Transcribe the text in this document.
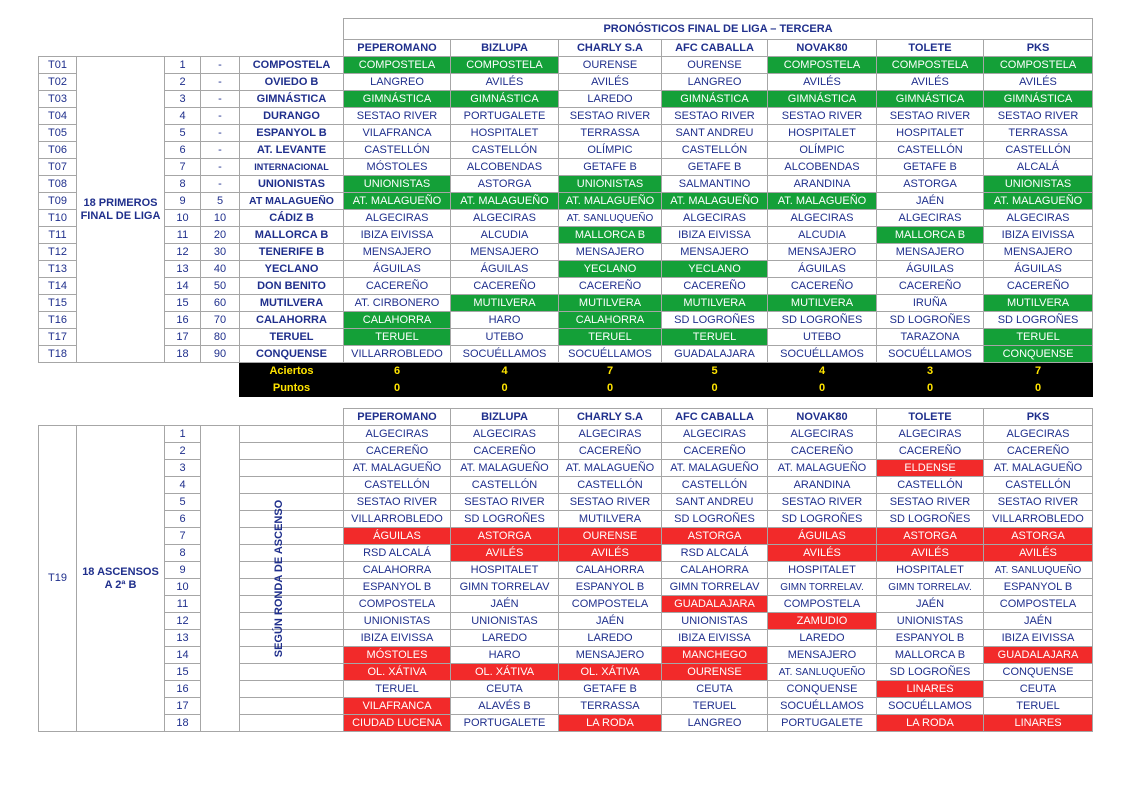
					PRONÓSTICOS FINAL DE LIGA – TERCERA						
					PEPEROMANO	BIZLUPA	CHARLY S.A	AFC CABALLA	NOVAK80	TOLETE	PKS
T01	18 PRIMEROS FINAL DE LIGA	1	-	COMPOSTELA	COMPOSTELA	COMPOSTELA	OURENSE	OURENSE	COMPOSTELA	COMPOSTELA	COMPOSTELA
T02		2	-	OVIEDO B	LANGREO	AVILÉS	AVILÉS	LANGREO	AVILÉS	AVILÉS	AVILÉS
T03		3	-	GIMNÁSTICA	GIMNÁSTICA	GIMNÁSTICA	LAREDO	GIMNÁSTICA	GIMNÁSTICA	GIMNÁSTICA	GIMNÁSTICA
T04		4	-	DURANGO	SESTAO RIVER	PORTUGALETE	SESTAO RIVER	SESTAO RIVER	SESTAO RIVER	SESTAO RIVER	SESTAO RIVER
T05		5	-	ESPANYOL B	VILAFRANCA	HOSPITALET	TERRASSA	SANT ANDREU	HOSPITALET	HOSPITALET	TERRASSA
T06		6	-	AT. LEVANTE	CASTELLÓN	CASTELLÓN	OLÍMPIC	CASTELLÓN	OLÍMPIC	CASTELLÓN	CASTELLÓN
T07		7	-	INTERNACIONAL	MÓSTOLES	ALCOBENDAS	GETAFE B	GETAFE B	ALCOBENDAS	GETAFE B	ALCALÁ
T08		8	-	UNIONISTAS	UNIONISTAS	ASTORGA	UNIONISTAS	SALMANTINO	ARANDINA	ASTORGA	UNIONISTAS
T09		9	5	AT MALAGUEÑO	AT. MALAGUEÑO	AT. MALAGUEÑO	AT. MALAGUEÑO	AT. MALAGUEÑO	AT. MALAGUEÑO	JAÉN	AT. MALAGUEÑO
T10		10	10	CÁDIZ B	ALGECIRAS	ALGECIRAS	AT. SANLUQUEÑO	ALGECIRAS	ALGECIRAS	ALGECIRAS	ALGECIRAS
T11		11	20	MALLORCA B	IBIZA EIVISSA	ALCUDIA	MALLORCA B	IBIZA EIVISSA	ALCUDIA	MALLORCA B	IBIZA EIVISSA
T12		12	30	TENERIFE B	MENSAJERO	MENSAJERO	MENSAJERO	MENSAJERO	MENSAJERO	MENSAJERO	MENSAJERO
T13		13	40	YECLANO	ÁGUILAS	ÁGUILAS	YECLANO	YECLANO	ÁGUILAS	ÁGUILAS	ÁGUILAS
T14		14	50	DON BENITO	CACEREÑO	CACEREÑO	CACEREÑO	CACEREÑO	CACEREÑO	CACEREÑO	CACEREÑO
T15		15	60	MUTILVERA	AT. CIRBONERO	MUTILVERA	MUTILVERA	MUTILVERA	MUTILVERA	IRUÑA	MUTILVERA
T16		16	70	CALAHORRA	CALAHORRA	HARO	CALAHORRA	SD LOGROÑES	SD LOGROÑES	SD LOGROÑES	SD LOGROÑES
T17		17	80	TERUEL	TERUEL	UTEBO	TERUEL	TERUEL	UTEBO	TARAZONA	TERUEL
T18		18	90	CONQUENSE	VILLARROBLEDO	SOCUÉLLAMOS	SOCUÉLLAMOS	GUADALAJARA	SOCUÉLLAMOS	SOCUÉLLAMOS	CONQUENSE
				Aciertos	6	4	7	5	4	3	7
				Puntos	0	0	0	0	0	0	0
					PEPEROMANO	BIZLUPA	CHARLY S.A	AFC CABALLA	NOVAK80	TOLETE	PKS
T19	18 ASCENSOS A 2ª B	1	SEGÚN RONDA DE ASCENSO		ALGECIRAS	ALGECIRAS	ALGECIRAS	ALGECIRAS	ALGECIRAS	ALGECIRAS	ALGECIRAS
		2			CACEREÑO	CACEREÑO	CACEREÑO	CACEREÑO	CACEREÑO	CACEREÑO	CACEREÑO
		3			AT. MALAGUEÑO	AT. MALAGUEÑO	AT. MALAGUEÑO	AT. MALAGUEÑO	AT. MALAGUEÑO	ELDENSE	AT. MALAGUEÑO
		4			CASTELLÓN	CASTELLÓN	CASTELLÓN	CASTELLÓN	ARANDINA	CASTELLÓN	CASTELLÓN
		5			SESTAO RIVER	SESTAO RIVER	SESTAO RIVER	SANT ANDREU	SESTAO RIVER	SESTAO RIVER	SESTAO RIVER
		6			VILLARROBLEDO	SD LOGROÑES	MUTILVERA	SD LOGROÑES	SD LOGROÑES	SD LOGROÑES	VILLARROBLEDO
		7			ÁGUILAS	ASTORGA	OURENSE	ASTORGA	ÁGUILAS	ASTORGA	ASTORGA
		8			RSD ALCALÁ	AVILÉS	AVILÉS	RSD ALCALÁ	AVILÉS	AVILÉS	AVILÉS
		9			CALAHORRA	HOSPITALET	CALAHORRA	CALAHORRA	HOSPITALET	HOSPITALET	AT. SANLUQUEÑO
		10			ESPANYOL B	GIMN TORRELAV	ESPANYOL B	GIMN TORRELAV	GIMN TORRELAV.	GIMN TORRELAV.	ESPANYOL B
		11			COMPOSTELA	JAÉN	COMPOSTELA	GUADALAJARA	COMPOSTELA	JAÉN	COMPOSTELA
		12			UNIONISTAS	UNIONISTAS	JAÉN	UNIONISTAS	ZAMUDIO	UNIONISTAS	JAÉN
		13			IBIZA EIVISSA	LAREDO	LAREDO	IBIZA EIVISSA	LAREDO	ESPANYOL B	IBIZA EIVISSA
		14			MÓSTOLES	HARO	MENSAJERO	MANCHEGO	MENSAJERO	MALLORCA B	GUADALAJARA
		15			OL. XÁTIVA	OL. XÁTIVA	OL. XÁTIVA	OURENSE	AT. SANLUQUEÑO	SD LOGROÑES	CONQUENSE
		16			TERUEL	CEUTA	GETAFE B	CEUTA	CONQUENSE	LINARES	CEUTA
		17			VILAFRANCA	ALAVÉS B	TERRASSA	TERUEL	SOCUÉLLAMOS	SOCUÉLLAMOS	TERUEL
		18			CIUDAD LUCENA	PORTUGALETE	LA RODA	LANGREO	PORTUGALETE	LA RODA	LINARES
